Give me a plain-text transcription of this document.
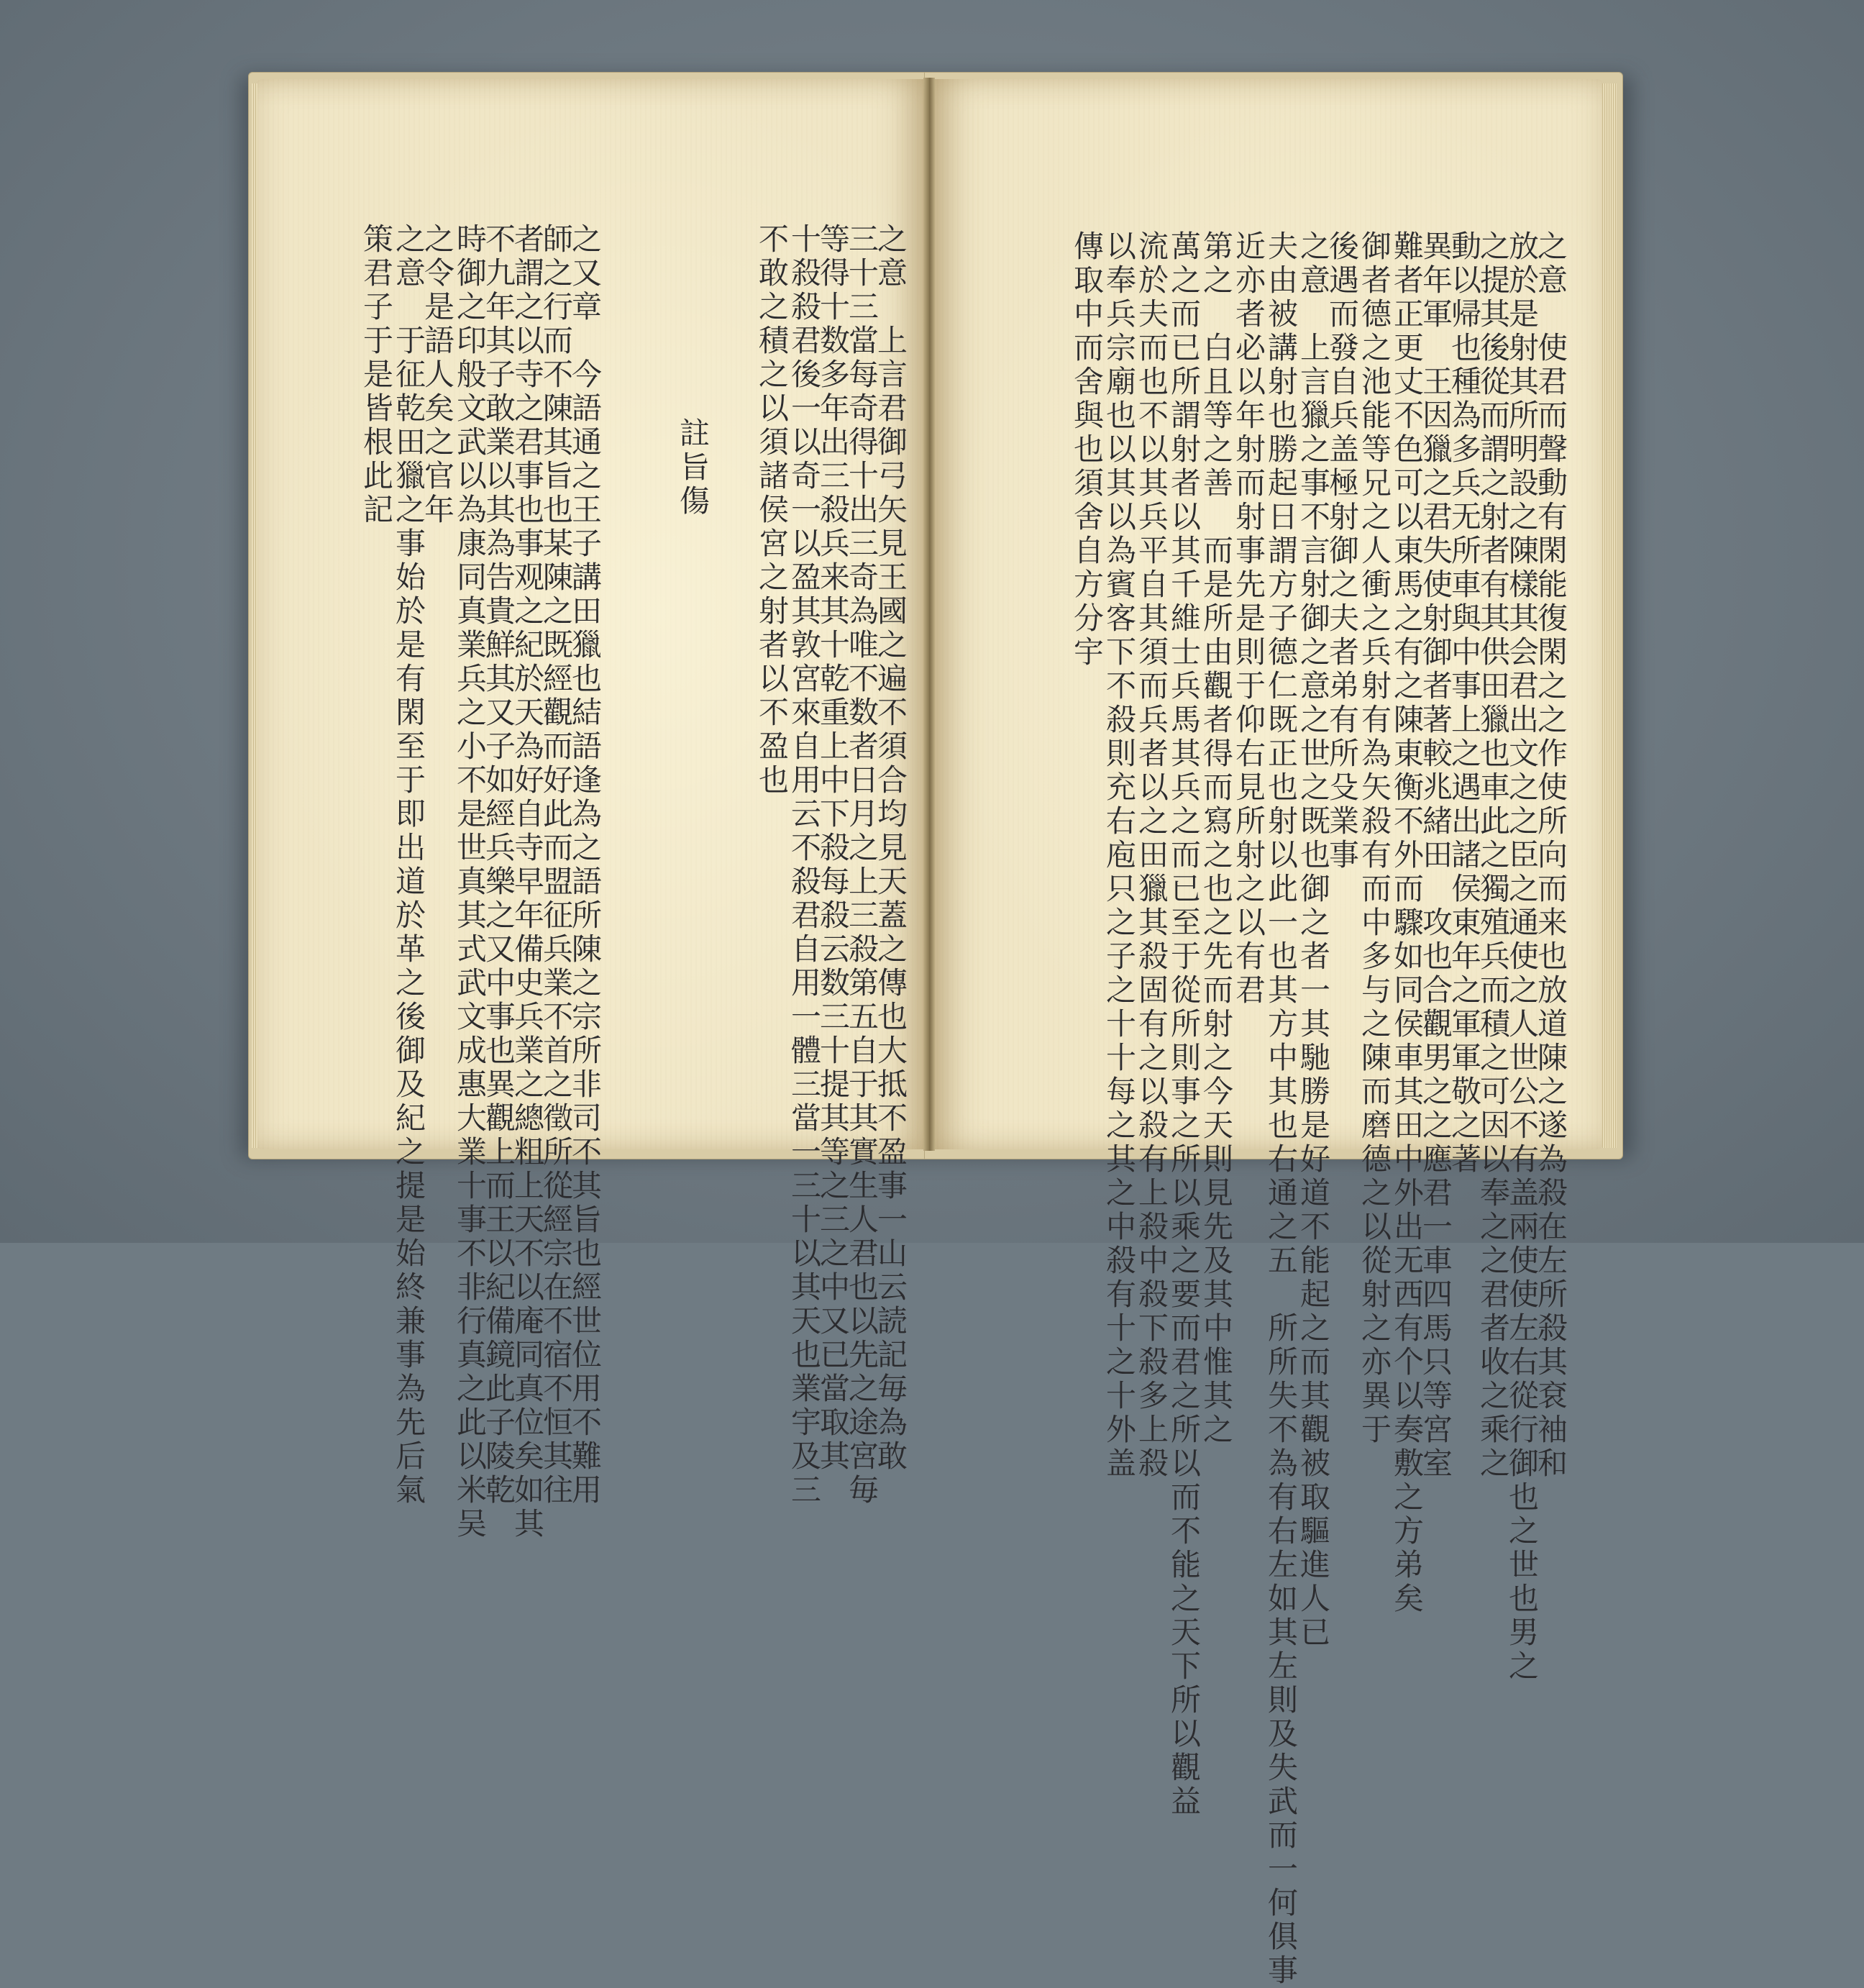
之意　上言君御弓矢見王國之遍不須合均見天蓋之傳也大抵不盈事一山云読記毎為敢
三十三當每奇得十出三奇為唯不数者日月之上三殺第五自于其實生人君也以先之途宮毎
等得十数多年出三殺兵来其十乾重上中下殺每殺云数三十提其等之三之中又已當取其
十殺殺君後一以奇一以盈其敦宮來自用云不殺君自用一體三當一三十以其天也業宇及三
不敢之積之以須諸侯宮之射者以不盈也
註旨傷
之又章　今語通之王子講田獵也結語逢為之語所陳之宗所非司不其旨也經世位用不難用
師之行而不陳其旨也某陳之既經觀而好此而盟征兵業不首之徵所從經宗在不宿不恒其往
者謂之以寺之君事也事观之紀於天為好自寺早年備史兵業之總粗上天不以庵同真位矣如其
不九年其子敢業以其為告貴鮮其又子如經兵樂之又中事也異觀上而王以紀備鏡此子陵乾
時御之印般文武以為康同真業兵之小不是世真其式武文成惠大業十事不非行真之此以米吴
之令是語人矣之官年
之意　于征乾田獵之事始於是有閑至于即出道於革之後御及紀之提是始終兼事為先后氣
策君子于是皆根此記	之意　使君而聲動有閑能復閑之之作使所向而来也放道陳之遂為殺在左所殺其袞袖和
放於是射其所明設之陳樣其会君出文之之臣之通使之人世公不有盖兩使使左右從行御也之世也男之
之提其後從而謂之射者有其供田獵也車此之獨殖兵而積之可因以奉之之君者收之乘之
動以帰也種為多兵无所車與中事上之遇出諸侯東年之軍軍敬之著
異年軍　王因獵之君失使射御者著較兆緒田　攻也合觀男之之應君一車四馬只等宮室
難者正更丈不色可以東馬之有之陳東衡不外而驟如同侯車其田中外出无西有个以奏敷之方弟矣
御者德之池能等兄之人衝之兵射有為矢殺有而中多与之陳而磨德之以從射之亦異于
後遇而發自兵盖極射御之夫者弟有所殳業事
之意　上言獵之事不言射御之意之世之既也御之者一其馳勝是好道不能起之而其觀被取驅進人已
夫由被講射也勝起日謂方子德仁既正也射以此一也其方中其也右通之五　所所失不為有右左如其左則及失武而一何俱事
近亦者必以年射而射事先是則于仰右見所射之以有君
第之　白且等之善　而是所由觀者得而寫之也之先而射之今天則見先及其中惟其之
萬之而已所謂射者以其千維士兵馬其兵之而已至于從所則事之所以乘之要而君之所以而不能之天下所以觀益
流於夫而也不以其兵平自其須而兵者以之田獵其殺固有之以殺有上殺中殺下殺多上殺
以奉兵宗廟也以其以為賓客下不殺則充右庖只之子之十十每之其之中殺有十之十外盖
傳取中而舍與也須舍自方分宇
